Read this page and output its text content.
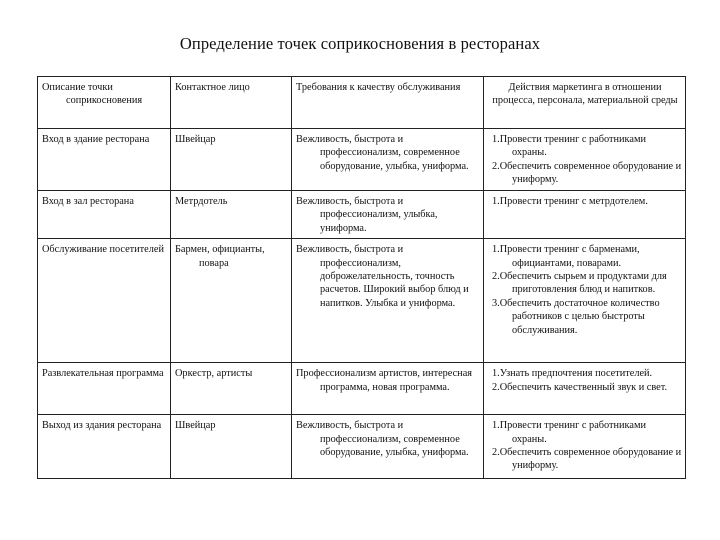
Определение точек соприкосновения в ресторанах
Описание точки соприкосновения	Контактное лицо	Требования к качеству обслуживания	Действия маркетинга в отношении процесса, персонала, материальной среды
Вход в здание ресторана	Швейцар	Вежливость, быстрота и профессионализм, современное оборудование, улыбка, униформа.	1.Провести тренинг с работниками охраны.
2.Обеспечить современное оборудование и униформу.

Вход в зал ресторана	Метрдотель	Вежливость, быстрота и профессионализм, улыбка, униформа.	1.Провести тренинг с метрдотелем.

Обслуживание посетителей	Бармен, официанты, повара	Вежливость, быстрота и профессионализм, доброжелательность, точность расчетов. Широкий выбор блюд и напитков. Улыбка и униформа.	1.Провести тренинг с барменами, официантами, поварами.
2.Обеспечить сырьем и продуктами для приготовления блюд и напитков.
3.Обеспечить достаточное количество работников с целью быстроты обслуживания.

Развлекательная программа	Оркестр, артисты	Профессионализм артистов, интересная программа, новая программа.	1.Узнать предпочтения посетителей.
2.Обеспечить качественный звук и свет.

Выход из здания ресторана	Швейцар	Вежливость, быстрота и профессионализм, современное оборудование, улыбка, униформа.	1.Провести тренинг с работниками охраны.
2.Обеспечить современное оборудование и униформу.
